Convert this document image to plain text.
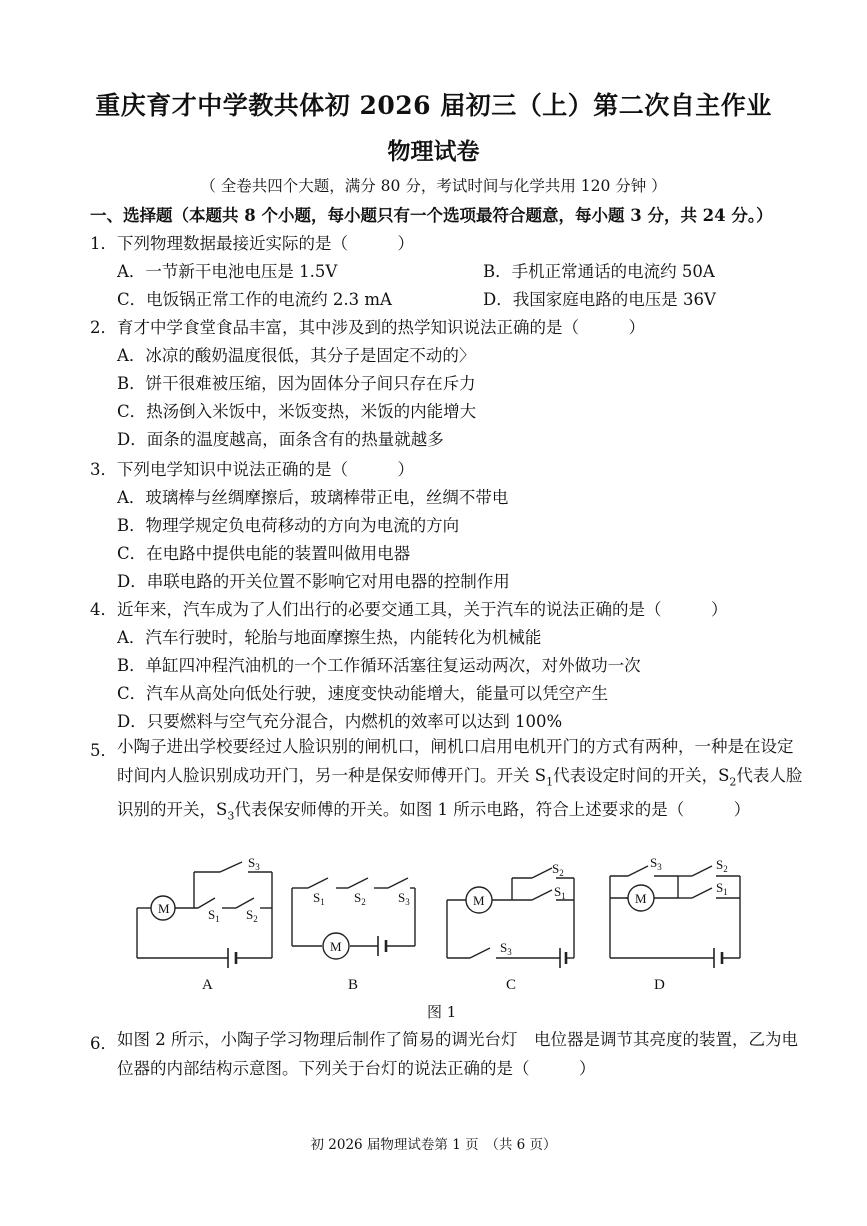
重庆育才中学教共体初 2026 届初三（上）第二次自主作业
物理试卷
（ 全卷共四个大题，满分 80 分，考试时间与化学共用 120 分钟 ）
一、选择题（本题共 8 个小题，每小题只有一个选项最符合题意，每小题 3 分，共 24 分。）
1．下列物理数据最接近实际的是（　　　）
A．一节新干电池电压是 1.5V	B．手机正常通话的电流约 50A
C．电饭锅正常工作的电流约 2.3 mA	D．我国家庭电路的电压是 36V
2．育才中学食堂食品丰富，其中涉及到的热学知识说法正确的是（　　　）
A．冰凉的酸奶温度很低，其分子是固定不动的〉
B．饼干很难被压缩，因为固体分子间只存在斥力
C．热汤倒入米饭中，米饭变热，米饭的内能增大
D．面条的温度越高，面条含有的热量就越多
3．下列电学知识中说法正确的是（　　　）
A．玻璃棒与丝绸摩擦后，玻璃棒带正电，丝绸不带电
B．物理学规定负电荷移动的方向为电流的方向
C．在电路中提供电能的装置叫做用电器
D．串联电路的开关位置不影响它对用电器的控制作用
4．近年来，汽车成为了人们出行的必要交通工具，关于汽车的说法正确的是（　　　）
A．汽车行驶时，轮胎与地面摩擦生热，内能转化为机械能
B．单缸四冲程汽油机的一个工作循环活塞往复运动两次，对外做功一次
C．汽车从高处向低处行驶，速度变快动能增大，能量可以凭空产生
D．只要燃料与空气充分混合，内燃机的效率可以达到 100%
5． 小陶子进出学校要经过人脸识别的闸机口，闸机口启用电机开门的方式有两种，一种是在设定时间内人脸识别成功开门，另一种是保安师傅开门。开关 $S_1$代表设定时间的开关，$S_2$代表人脸识别的开关，$S_3$代表保安师傅的开关。如图 1 所示电路，符合上述要求的是（　　　）
M
$S_3$
$S_1$ $S_2$
M
$S_1$ $S_2$ $S_3$	M
$S_2$
$S_1$
$S_3$
M
$S_3$	$S_2$
$S_1$
A	B	C	D
图 1
6． 如图 2 所示，小陶子学习物理后制作了简易的调光台灯　电位器是调节其亮度的装置，乙为电位器的内部结构示意图。下列关于台灯的说法正确的是（　　　）
初 2026 届物理试卷第 1 页　（共 6 页）
